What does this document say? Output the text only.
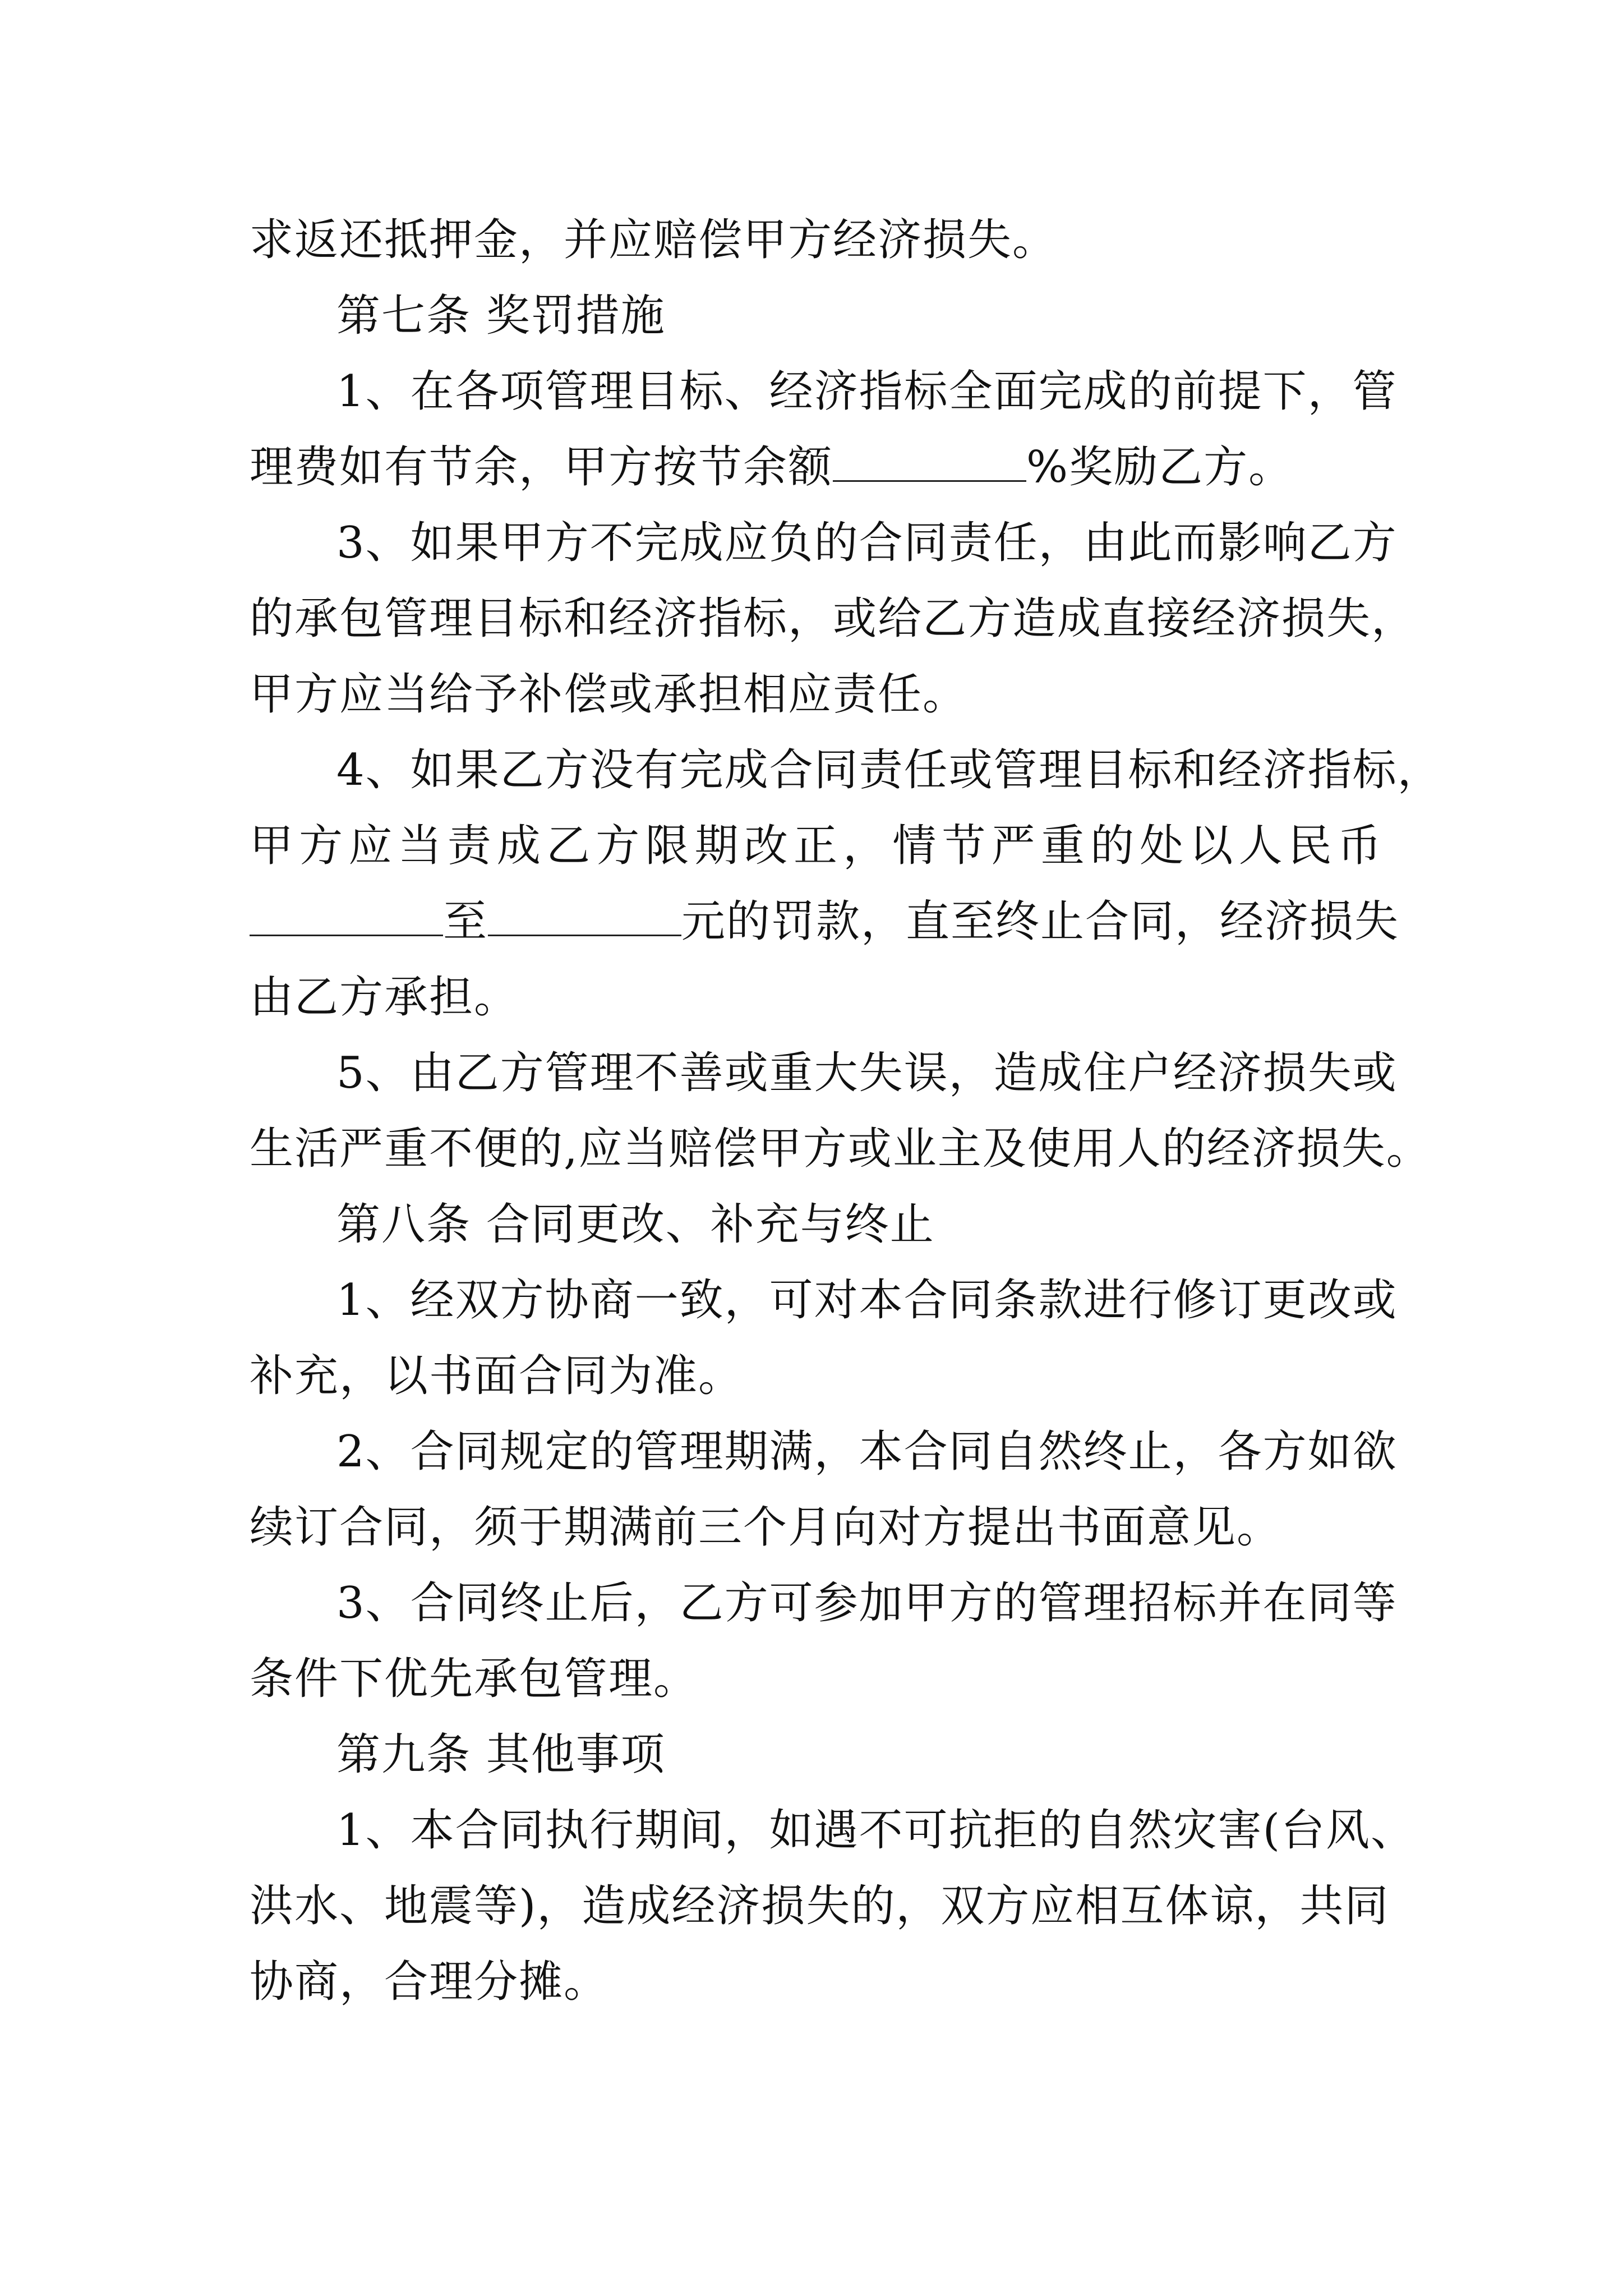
求返还抵押金，并应赔偿甲方经济损失。
第七条 奖罚措施
1、在各项管理目标、经济指标全面完成的前提下，管
理费如有节余，甲方按节余额	%奖励乙方。
3、如果甲方不完成应负的合同责任，由此而影响乙方
的承包管理目标和经济指标，或给乙方造成直接经济损失，
甲方应当给予补偿或承担相应责任。
4、如果乙方没有完成合同责任或管理目标和经济指标，
甲方应当责成乙方限期改正，情节严重的处以人民币
至	元的罚款，直至终止合同，经济损失
由乙方承担。
5、由乙方管理不善或重大失误，造成住户经济损失或
生活严重不便的,应当赔偿甲方或业主及使用人的经济损失。
第八条 合同更改、补充与终止
1、经双方协商一致，可对本合同条款进行修订更改或
补充，以书面合同为准。
2、合同规定的管理期满，本合同自然终止，各方如欲
续订合同，须于期满前三个月向对方提出书面意见。
3、合同终止后，乙方可参加甲方的管理招标并在同等
条件下优先承包管理。
第九条 其他事项
1、本合同执行期间，如遇不可抗拒的自然灾害(台风、
洪水、地震等)，造成经济损失的，双方应相互体谅，共同
协商，合理分摊。
